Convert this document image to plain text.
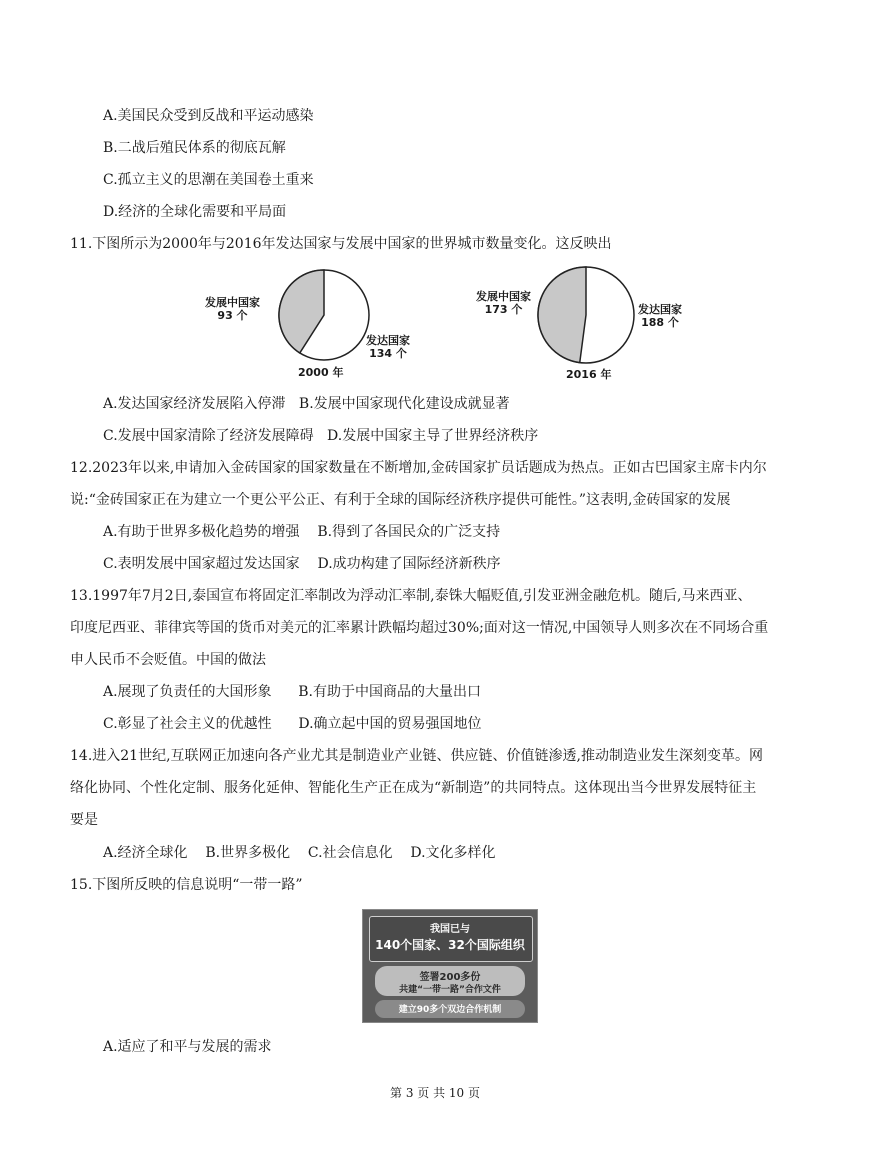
A.美国民众受到反战和平运动感染
B.二战后殖民体系的彻底瓦解
C.孤立主义的思潮在美国卷土重来
D.经济的全球化需要和平局面
11.下图所示为2000年与2016年发达国家与发展中国家的世界城市数量变化。这反映出
发展中国家
93 个
发达国家
134 个
2000 年
发展中国家
173 个	发达国家
188 个
2016 年
A.发达国家经济发展陷入停滞   B.发展中国家现代化建设成就显著
C.发展中国家清除了经济发展障碍   D.发展中国家主导了世界经济秩序
12.2023年以来,申请加入金砖国家的国家数量在不断增加,金砖国家扩员话题成为热点。正如古巴国家主席卡内尔
说:“金砖国家正在为建立一个更公平公正、有利于全球的国际经济秩序提供可能性。”这表明,金砖国家的发展
A.有助于世界多极化趋势的增强    B.得到了各国民众的广泛支持
C.表明发展中国家超过发达国家    D.成功构建了国际经济新秩序
13.1997年7月2日,泰国宣布将固定汇率制改为浮动汇率制,泰铢大幅贬值,引发亚洲金融危机。随后,马来西亚、
印度尼西亚、菲律宾等国的货币对美元的汇率累计跌幅均超过30%;面对这一情况,中国领导人则多次在不同场合重
申人民币不会贬值。中国的做法
A.展现了负责任的大国形象      B.有助于中国商品的大量出口
C.彰显了社会主义的优越性      D.确立起中国的贸易强国地位
14.进入21世纪,互联网正加速向各产业尤其是制造业产业链、供应链、价值链渗透,推动制造业发生深刻变革。网
络化协同、个性化定制、服务化延伸、智能化生产正在成为“新制造”的共同特点。这体现出当今世界发展特征主
要是
A.经济全球化    B.世界多极化    C.社会信息化    D.文化多样化
15.下图所反映的信息说明“一带一路”
我国已与
140个国家、32个国际组织
签署200多份
共建“一带一路”合作文件
建立90多个双边合作机制
A.适应了和平与发展的需求
第 3 页 共 10 页
